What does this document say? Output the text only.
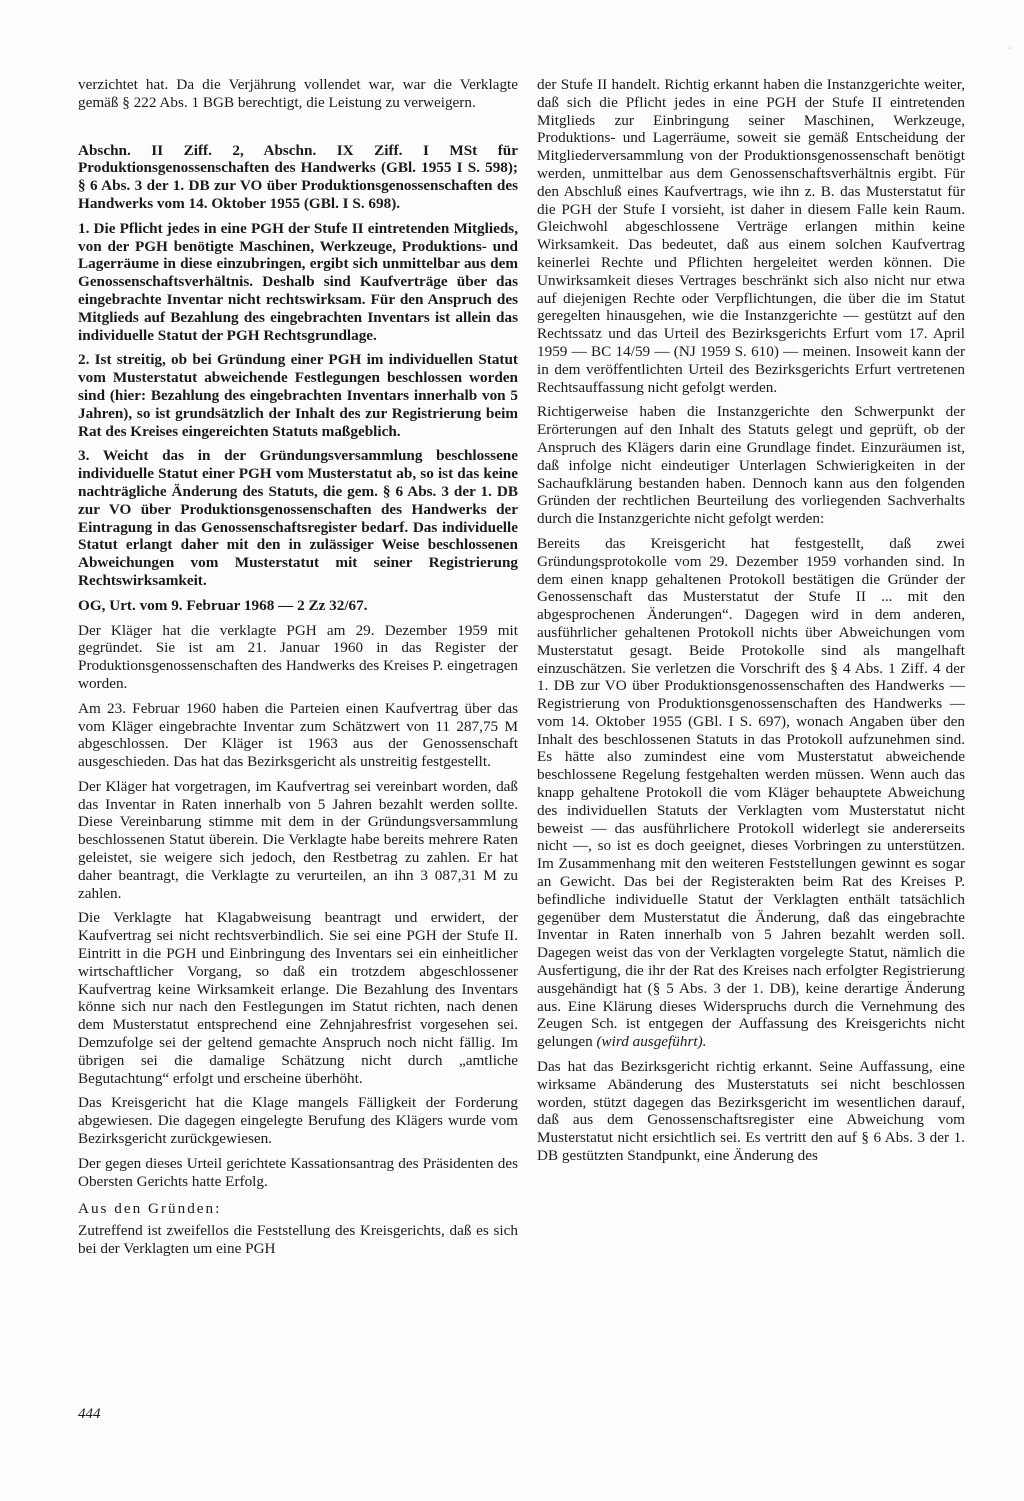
·

verzichtet hat. Da die Verjährung vollendet war, war die Verklagte gemäß § 222 Abs. 1 BGB berechtigt, die Leistung zu verweigern.

Abschn. II Ziff. 2, Abschn. IX Ziff. I MSt für Produktionsgenossenschaften des Handwerks (GBl. 1955 I S. 598); § 6 Abs. 3 der 1. DB zur VO über Produktionsgenossenschaften des Handwerks vom 14. Oktober 1955 (GBl. I S. 698).

1. Die Pflicht jedes in eine PGH der Stufe II eintretenden Mitglieds, von der PGH benötigte Maschinen, Werkzeuge, Produktions- und Lagerräume in diese einzubringen, ergibt sich unmittelbar aus dem Genossenschaftsverhältnis. Deshalb sind Kaufverträge über das eingebrachte Inventar nicht rechtswirksam. Für den Anspruch des Mitglieds auf Bezahlung des eingebrachten Inventars ist allein das individuelle Statut der PGH Rechtsgrundlage.

2. Ist streitig, ob bei Gründung einer PGH im individuellen Statut vom Musterstatut abweichende Festlegungen beschlossen worden sind (hier: Bezahlung des eingebrachten Inventars innerhalb von 5 Jahren), so ist grundsätzlich der Inhalt des zur Registrierung beim Rat des Kreises eingereichten Statuts maßgeblich.

3. Weicht das in der Gründungsversammlung beschlossene individuelle Statut einer PGH vom Musterstatut ab, so ist das keine nachträgliche Änderung des Statuts, die gem. § 6 Abs. 3 der 1. DB zur VO über Produktionsgenossenschaften des Handwerks der Eintragung in das Genossenschaftsregister bedarf. Das individuelle Statut erlangt daher mit den in zulässiger Weise beschlossenen Abweichungen vom Musterstatut mit seiner Registrierung Rechtswirksamkeit.

OG, Urt. vom 9. Februar 1968 — 2 Zz 32/67.

Der Kläger hat die verklagte PGH am 29. Dezember 1959 mit gegründet. Sie ist am 21. Januar 1960 in das Register der Produktionsgenossenschaften des Handwerks des Kreises P. eingetragen worden.

Am 23. Februar 1960 haben die Parteien einen Kaufvertrag über das vom Kläger eingebrachte Inventar zum Schätzwert von 11 287,75 M abgeschlossen. Der Kläger ist 1963 aus der Genossenschaft ausgeschieden. Das hat das Bezirksgericht als unstreitig festgestellt.

Der Kläger hat vorgetragen, im Kaufvertrag sei vereinbart worden, daß das Inventar in Raten innerhalb von 5 Jahren bezahlt werden sollte. Diese Vereinbarung stimme mit dem in der Gründungsversammlung beschlossenen Statut überein. Die Verklagte habe bereits mehrere Raten geleistet, sie weigere sich jedoch, den Restbetrag zu zahlen. Er hat daher beantragt, die Verklagte zu verurteilen, an ihn 3 087,31 M zu zahlen.

Die Verklagte hat Klagabweisung beantragt und erwidert, der Kaufvertrag sei nicht rechtsverbindlich. Sie sei eine PGH der Stufe II. Eintritt in die PGH und Einbringung des Inventars sei ein einheitlicher wirtschaftlicher Vorgang, so daß ein trotzdem abgeschlossener Kaufvertrag keine Wirksamkeit erlange. Die Bezahlung des Inventars könne sich nur nach den Festlegungen im Statut richten, nach denen dem Musterstatut entsprechend eine Zehnjahresfrist vorgesehen sei. Demzufolge sei der geltend gemachte Anspruch noch nicht fällig. Im übrigen sei die damalige Schätzung nicht durch „amtliche Begutachtung“ erfolgt und erscheine überhöht.

Das Kreisgericht hat die Klage mangels Fälligkeit der Forderung abgewiesen. Die dagegen eingelegte Berufung des Klägers wurde vom Bezirksgericht zurückgewiesen.

Der gegen dieses Urteil gerichtete Kassationsantrag des Präsidenten des Obersten Gerichts hatte Erfolg.

Aus den Gründen:

Zutreffend ist zweifellos die Feststellung des Kreisgerichts, daß es sich bei der Verklagten um eine PGH

der Stufe II handelt. Richtig erkannt haben die Instanzgerichte weiter, daß sich die Pflicht jedes in eine PGH der Stufe II eintretenden Mitglieds zur Einbringung seiner Maschinen, Werkzeuge, Produktions- und Lagerräume, soweit sie gemäß Entscheidung der Mitgliederversammlung von der Produktionsgenossenschaft benötigt werden, unmittelbar aus dem Genossenschaftsverhältnis ergibt. Für den Abschluß eines Kaufvertrags, wie ihn z. B. das Musterstatut für die PGH der Stufe I vorsieht, ist daher in diesem Falle kein Raum. Gleichwohl abgeschlossene Verträge erlangen mithin keine Wirksamkeit. Das bedeutet, daß aus einem solchen Kaufvertrag keinerlei Rechte und Pflichten hergeleitet werden können. Die Unwirksamkeit dieses Vertrages beschränkt sich also nicht nur etwa auf diejenigen Rechte oder Verpflichtungen, die über die im Statut geregelten hinausgehen, wie die Instanzgerichte — gestützt auf den Rechtssatz und das Urteil des Bezirksgerichts Erfurt vom 17. April 1959 — BC 14/59 — (NJ 1959 S. 610) — meinen. Insoweit kann der in dem veröffentlichten Urteil des Bezirksgerichts Erfurt vertretenen Rechtsauffassung nicht gefolgt werden.

Richtigerweise haben die Instanzgerichte den Schwerpunkt der Erörterungen auf den Inhalt des Statuts gelegt und geprüft, ob der Anspruch des Klägers darin eine Grundlage findet. Einzuräumen ist, daß infolge nicht eindeutiger Unterlagen Schwierigkeiten in der Sachaufklärung bestanden haben. Dennoch kann aus den folgenden Gründen der rechtlichen Beurteilung des vorliegenden Sachverhalts durch die Instanzgerichte nicht gefolgt werden:

Bereits das Kreisgericht hat festgestellt, daß zwei Gründungsprotokolle vom 29. Dezember 1959 vorhanden sind. In dem einen knapp gehaltenen Protokoll bestätigen die Gründer der Genossenschaft das Musterstatut der Stufe II ... mit den abgesprochenen Änderungen“. Dagegen wird in dem anderen, ausführlicher gehaltenen Protokoll nichts über Abweichungen vom Musterstatut gesagt. Beide Protokolle sind als mangelhaft einzuschätzen. Sie verletzen die Vorschrift des § 4 Abs. 1 Ziff. 4 der 1. DB zur VO über Produktionsgenossenschaften des Handwerks — Registrierung von Produktionsgenossenschaften des Handwerks — vom 14. Oktober 1955 (GBl. I S. 697), wonach Angaben über den Inhalt des beschlossenen Statuts in das Protokoll aufzunehmen sind. Es hätte also zumindest eine vom Musterstatut abweichende beschlossene Regelung festgehalten werden müssen. Wenn auch das knapp gehaltene Protokoll die vom Kläger behauptete Abweichung des individuellen Statuts der Verklagten vom Musterstatut nicht beweist — das ausführlichere Protokoll widerlegt sie andererseits nicht —, so ist es doch geeignet, dieses Vorbringen zu unterstützen. Im Zusammenhang mit den weiteren Feststellungen gewinnt es sogar an Gewicht. Das bei der Registerakten beim Rat des Kreises P. befindliche individuelle Statut der Verklagten enthält tatsächlich gegenüber dem Musterstatut die Änderung, daß das eingebrachte Inventar in Raten innerhalb von 5 Jahren bezahlt werden soll. Dagegen weist das von der Verklagten vorgelegte Statut, nämlich die Ausfertigung, die ihr der Rat des Kreises nach erfolgter Registrierung ausgehändigt hat (§ 5 Abs. 3 der 1. DB), keine derartige Änderung aus. Eine Klärung dieses Widerspruchs durch die Vernehmung des Zeugen Sch. ist entgegen der Auffassung des Kreisgerichts nicht gelungen (wird ausgeführt).

Das hat das Bezirksgericht richtig erkannt. Seine Auffassung, eine wirksame Abänderung des Musterstatuts sei nicht beschlossen worden, stützt dagegen das Bezirksgericht im wesentlichen darauf, daß aus dem Genossenschaftsregister eine Abweichung vom Musterstatut nicht ersichtlich sei. Es vertritt den auf § 6 Abs. 3 der 1. DB gestützten Standpunkt, eine Änderung des

444
